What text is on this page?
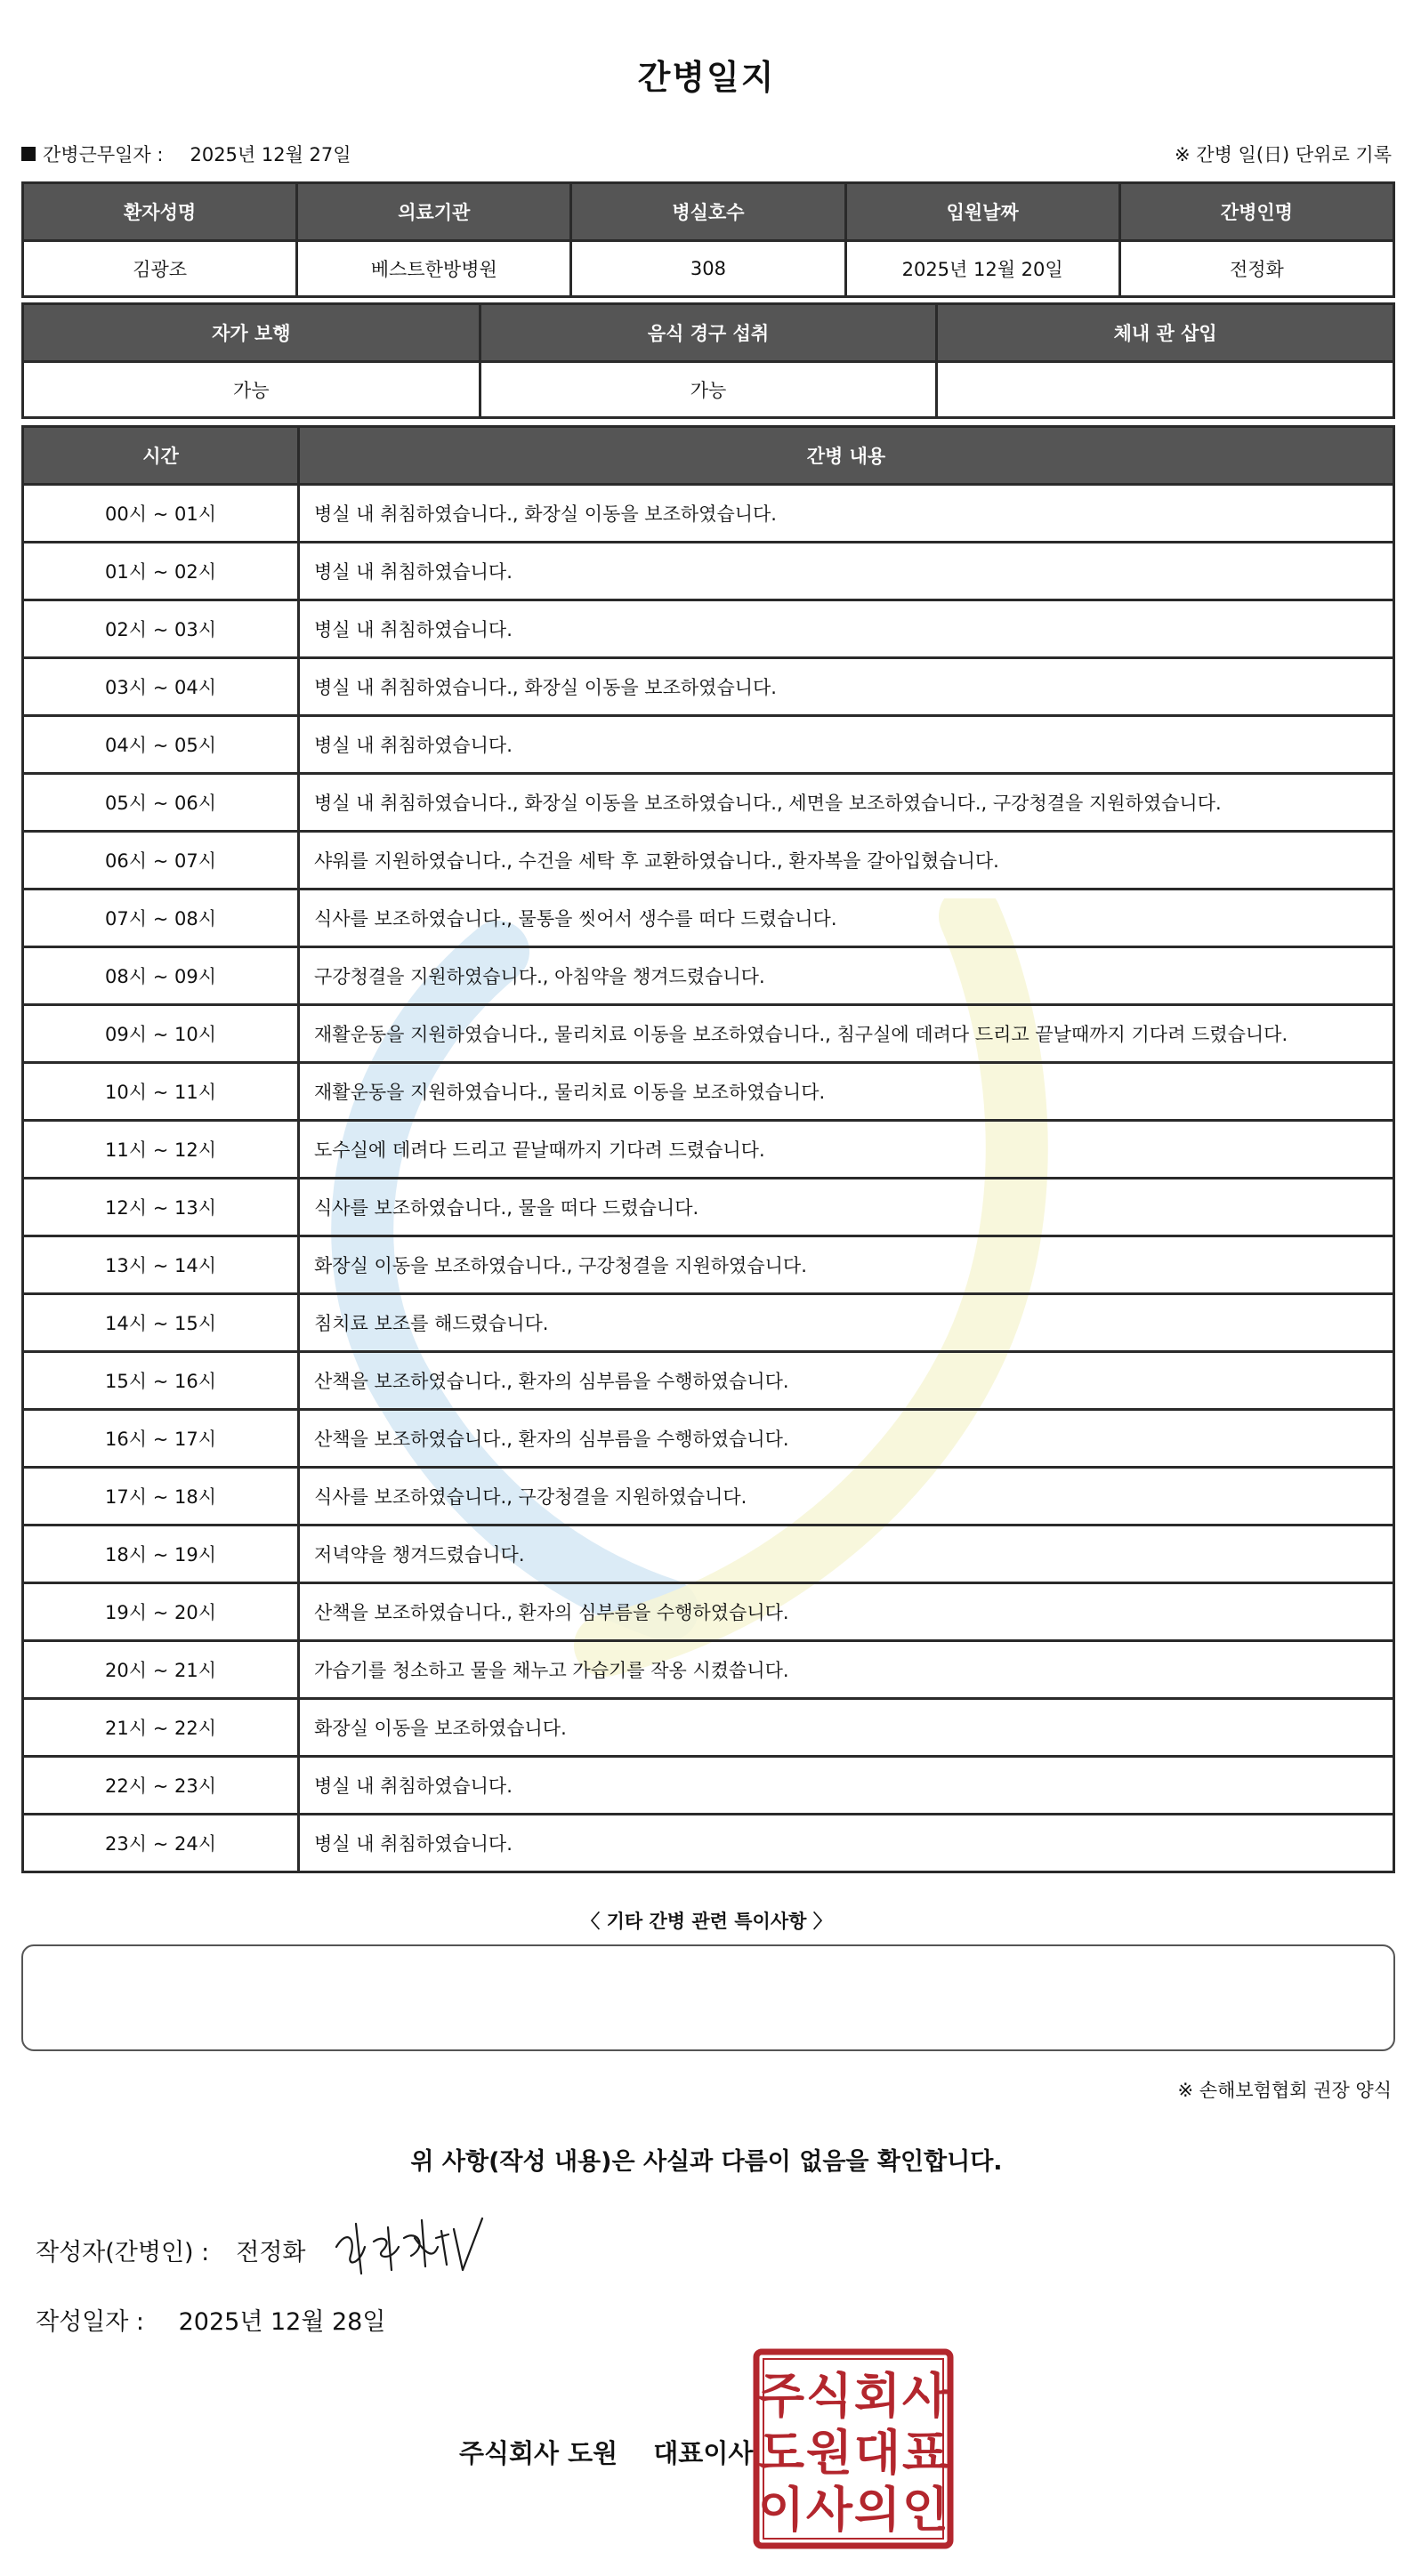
간병일지
간병근무일자 : 2025년 12월 27일	※ 간병 일(日) 단위로 기록
환자성명	의료기관	병실호수	입원날짜	간병인명
김광조	베스트한방병원	308	2025년 12월 20일	전정화
자가 보행	음식 경구 섭취	체내 관 삽입
가능	가능	
시간	간병 내용
00시 ~ 01시	병실 내 취침하였습니다., 화장실 이동을 보조하였습니다.
01시 ~ 02시	병실 내 취침하였습니다.
02시 ~ 03시	병실 내 취침하였습니다.
03시 ~ 04시	병실 내 취침하였습니다., 화장실 이동을 보조하였습니다.
04시 ~ 05시	병실 내 취침하였습니다.
05시 ~ 06시	병실 내 취침하였습니다., 화장실 이동을 보조하였습니다., 세면을 보조하였습니다., 구강청결을 지원하였습니다.
06시 ~ 07시	샤워를 지원하였습니다., 수건을 세탁 후 교환하였습니다., 환자복을 갈아입혔습니다.
07시 ~ 08시	식사를 보조하였습니다., 물통을 씻어서 생수를 떠다 드렸습니다.
08시 ~ 09시	구강청결을 지원하였습니다., 아침약을 챙겨드렸습니다.
09시 ~ 10시	재활운동을 지원하였습니다., 물리치료 이동을 보조하였습니다., 침구실에 데려다 드리고 끝날때까지 기다려 드렸습니다.
10시 ~ 11시	재활운동을 지원하였습니다., 물리치료 이동을 보조하였습니다.
11시 ~ 12시	도수실에 데려다 드리고 끝날때까지 기다려 드렸습니다.
12시 ~ 13시	식사를 보조하였습니다., 물을 떠다 드렸습니다.
13시 ~ 14시	화장실 이동을 보조하였습니다., 구강청결을 지원하였습니다.
14시 ~ 15시	침치료 보조를 해드렸습니다.
15시 ~ 16시	산책을 보조하였습니다., 환자의 심부름을 수행하였습니다.
16시 ~ 17시	산책을 보조하였습니다., 환자의 심부름을 수행하였습니다.
17시 ~ 18시	식사를 보조하였습니다., 구강청결을 지원하였습니다.
18시 ~ 19시	저녁약을 챙겨드렸습니다.
19시 ~ 20시	산책을 보조하였습니다., 환자의 심부름을 수행하였습니다.
20시 ~ 21시	가습기를 청소하고 물을 채누고 가습기를 작옹 시켰씁니다.
21시 ~ 22시	화장실 이동을 보조하였습니다.
22시 ~ 23시	병실 내 취침하였습니다.
23시 ~ 24시	병실 내 취침하였습니다.
〈 기타 간병 관련 특이사항 〉
※ 손해보험협회 권장 양식
위 사항(작성 내용)은 사실과 다름이 없음을 확인합니다.
작성자(간병인) : 전정화
작성일자 : 2025년 12월 28일
주식회사 도원 대표이사
주 식 회 사
도 원 대 표
이 사 의 인
